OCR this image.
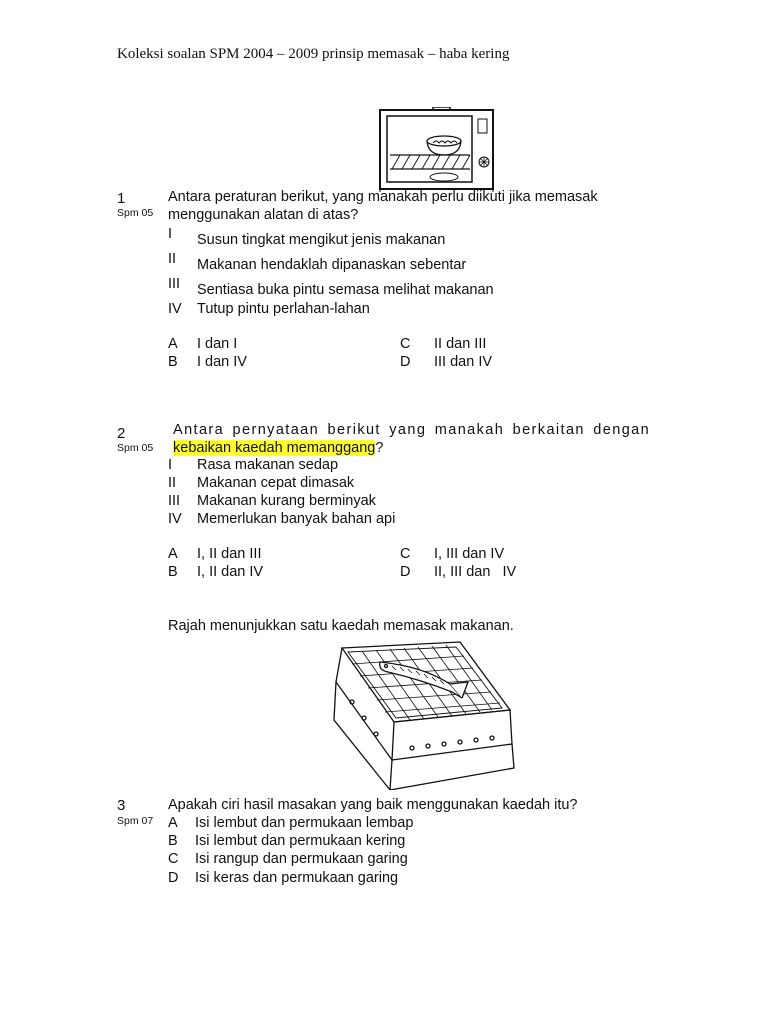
Koleksi soalan SPM 2004 – 2009 prinsip memasak – haba kering
1
Spm 05
Antara peraturan berikut, yang manakah perlu diikuti jika memasak
menggunakan alatan di atas?
I Susun tingkat mengikut jenis makanan
II Makanan hendaklah dipanaskan sebentar
III Sentiasa buka pintu semasa melihat makanan
IV Tutup pintu perlahan-lahan
A I dan I
B I dan IV
C II dan III
D III dan IV
2
Spm 05
Antara pernyataan berikut yang manakah berkaitan dengan
kebaikan kaedah memanggang?
I Rasa makanan sedap
II Makanan cepat dimasak
III Makanan kurang berminyak
IV Memerlukan banyak bahan api
A I, II dan III
B I, II dan IV
C I, III dan IV
D II, III dan   IV
Rajah menunjukkan satu kaedah memasak makanan.
3
Spm 07
Apakah ciri hasil masakan yang baik menggunakan kaedah itu?
A Isi lembut dan permukaan lembap
B Isi lembut dan permukaan kering
C Isi rangup dan permukaan garing
D Isi keras dan permukaan garing
